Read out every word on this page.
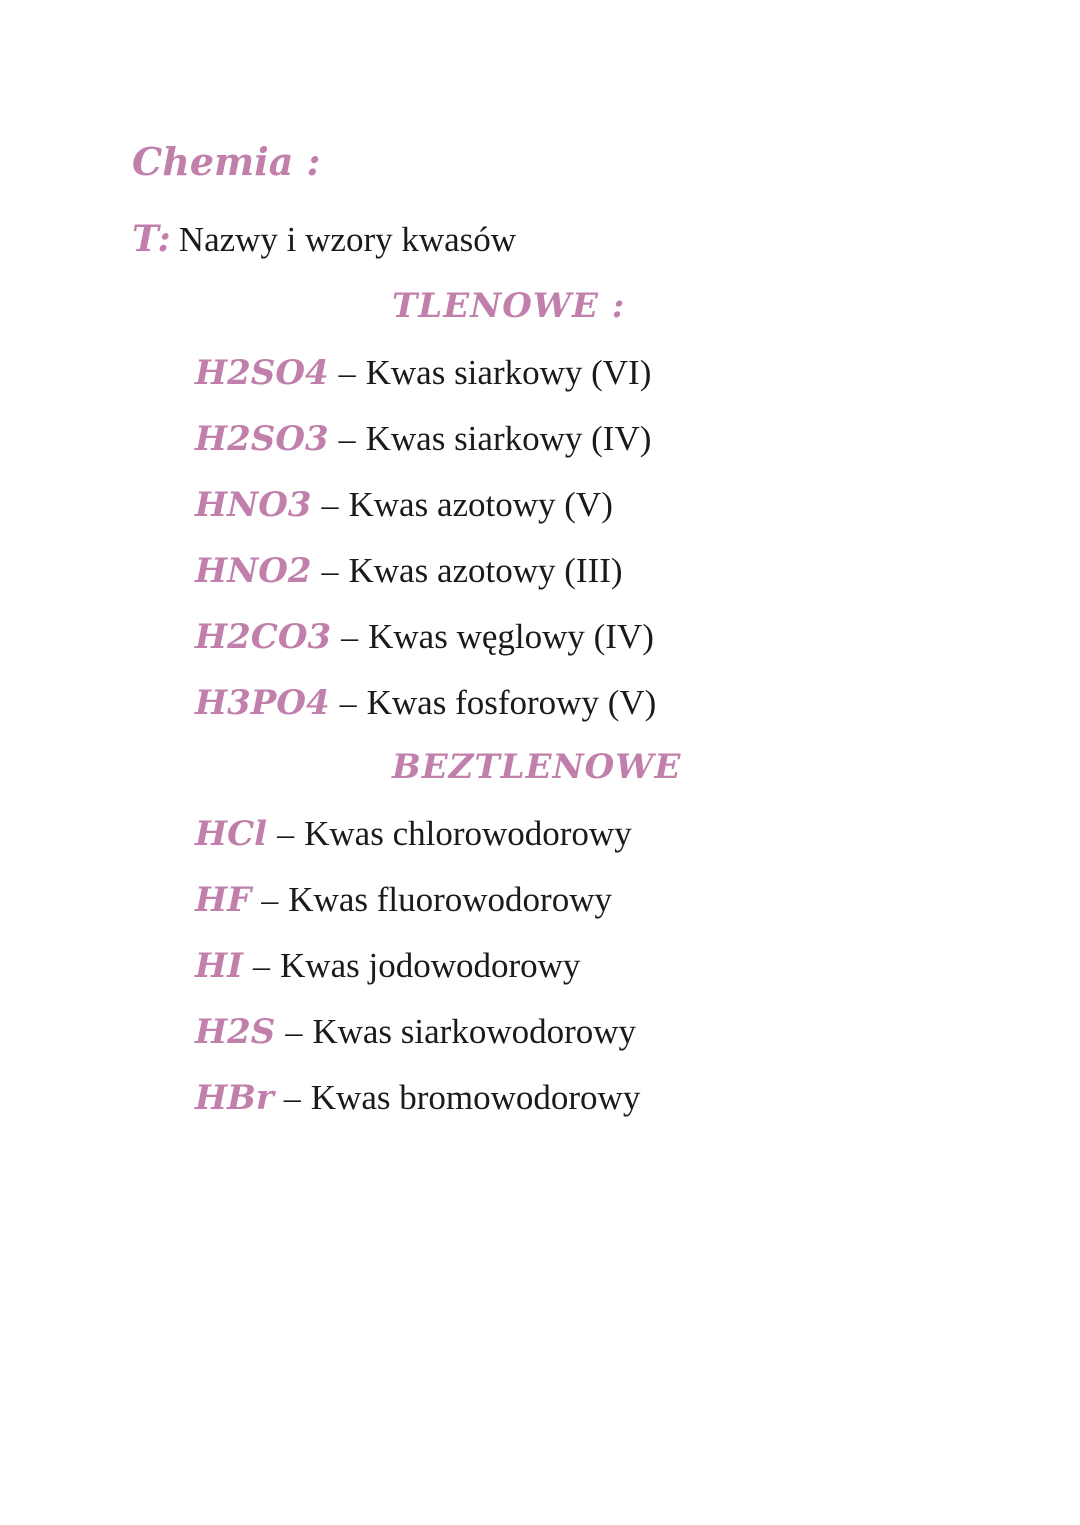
Chemia :
T: Nazwy i wzory kwasów
TLENOWE :
H2SO4 – Kwas siarkowy (VI)
H2SO3 – Kwas siarkowy (IV)
HNO3 – Kwas azotowy (V)
HNO2 – Kwas azotowy (III)
H2CO3 – Kwas węglowy (IV)
H3PO4 – Kwas fosforowy (V)
BEZTLENOWE
HCl – Kwas chlorowodorowy
HF – Kwas fluorowodorowy
HI – Kwas jodowodorowy
H2S – Kwas siarkowodorowy
HBr – Kwas bromowodorowy
